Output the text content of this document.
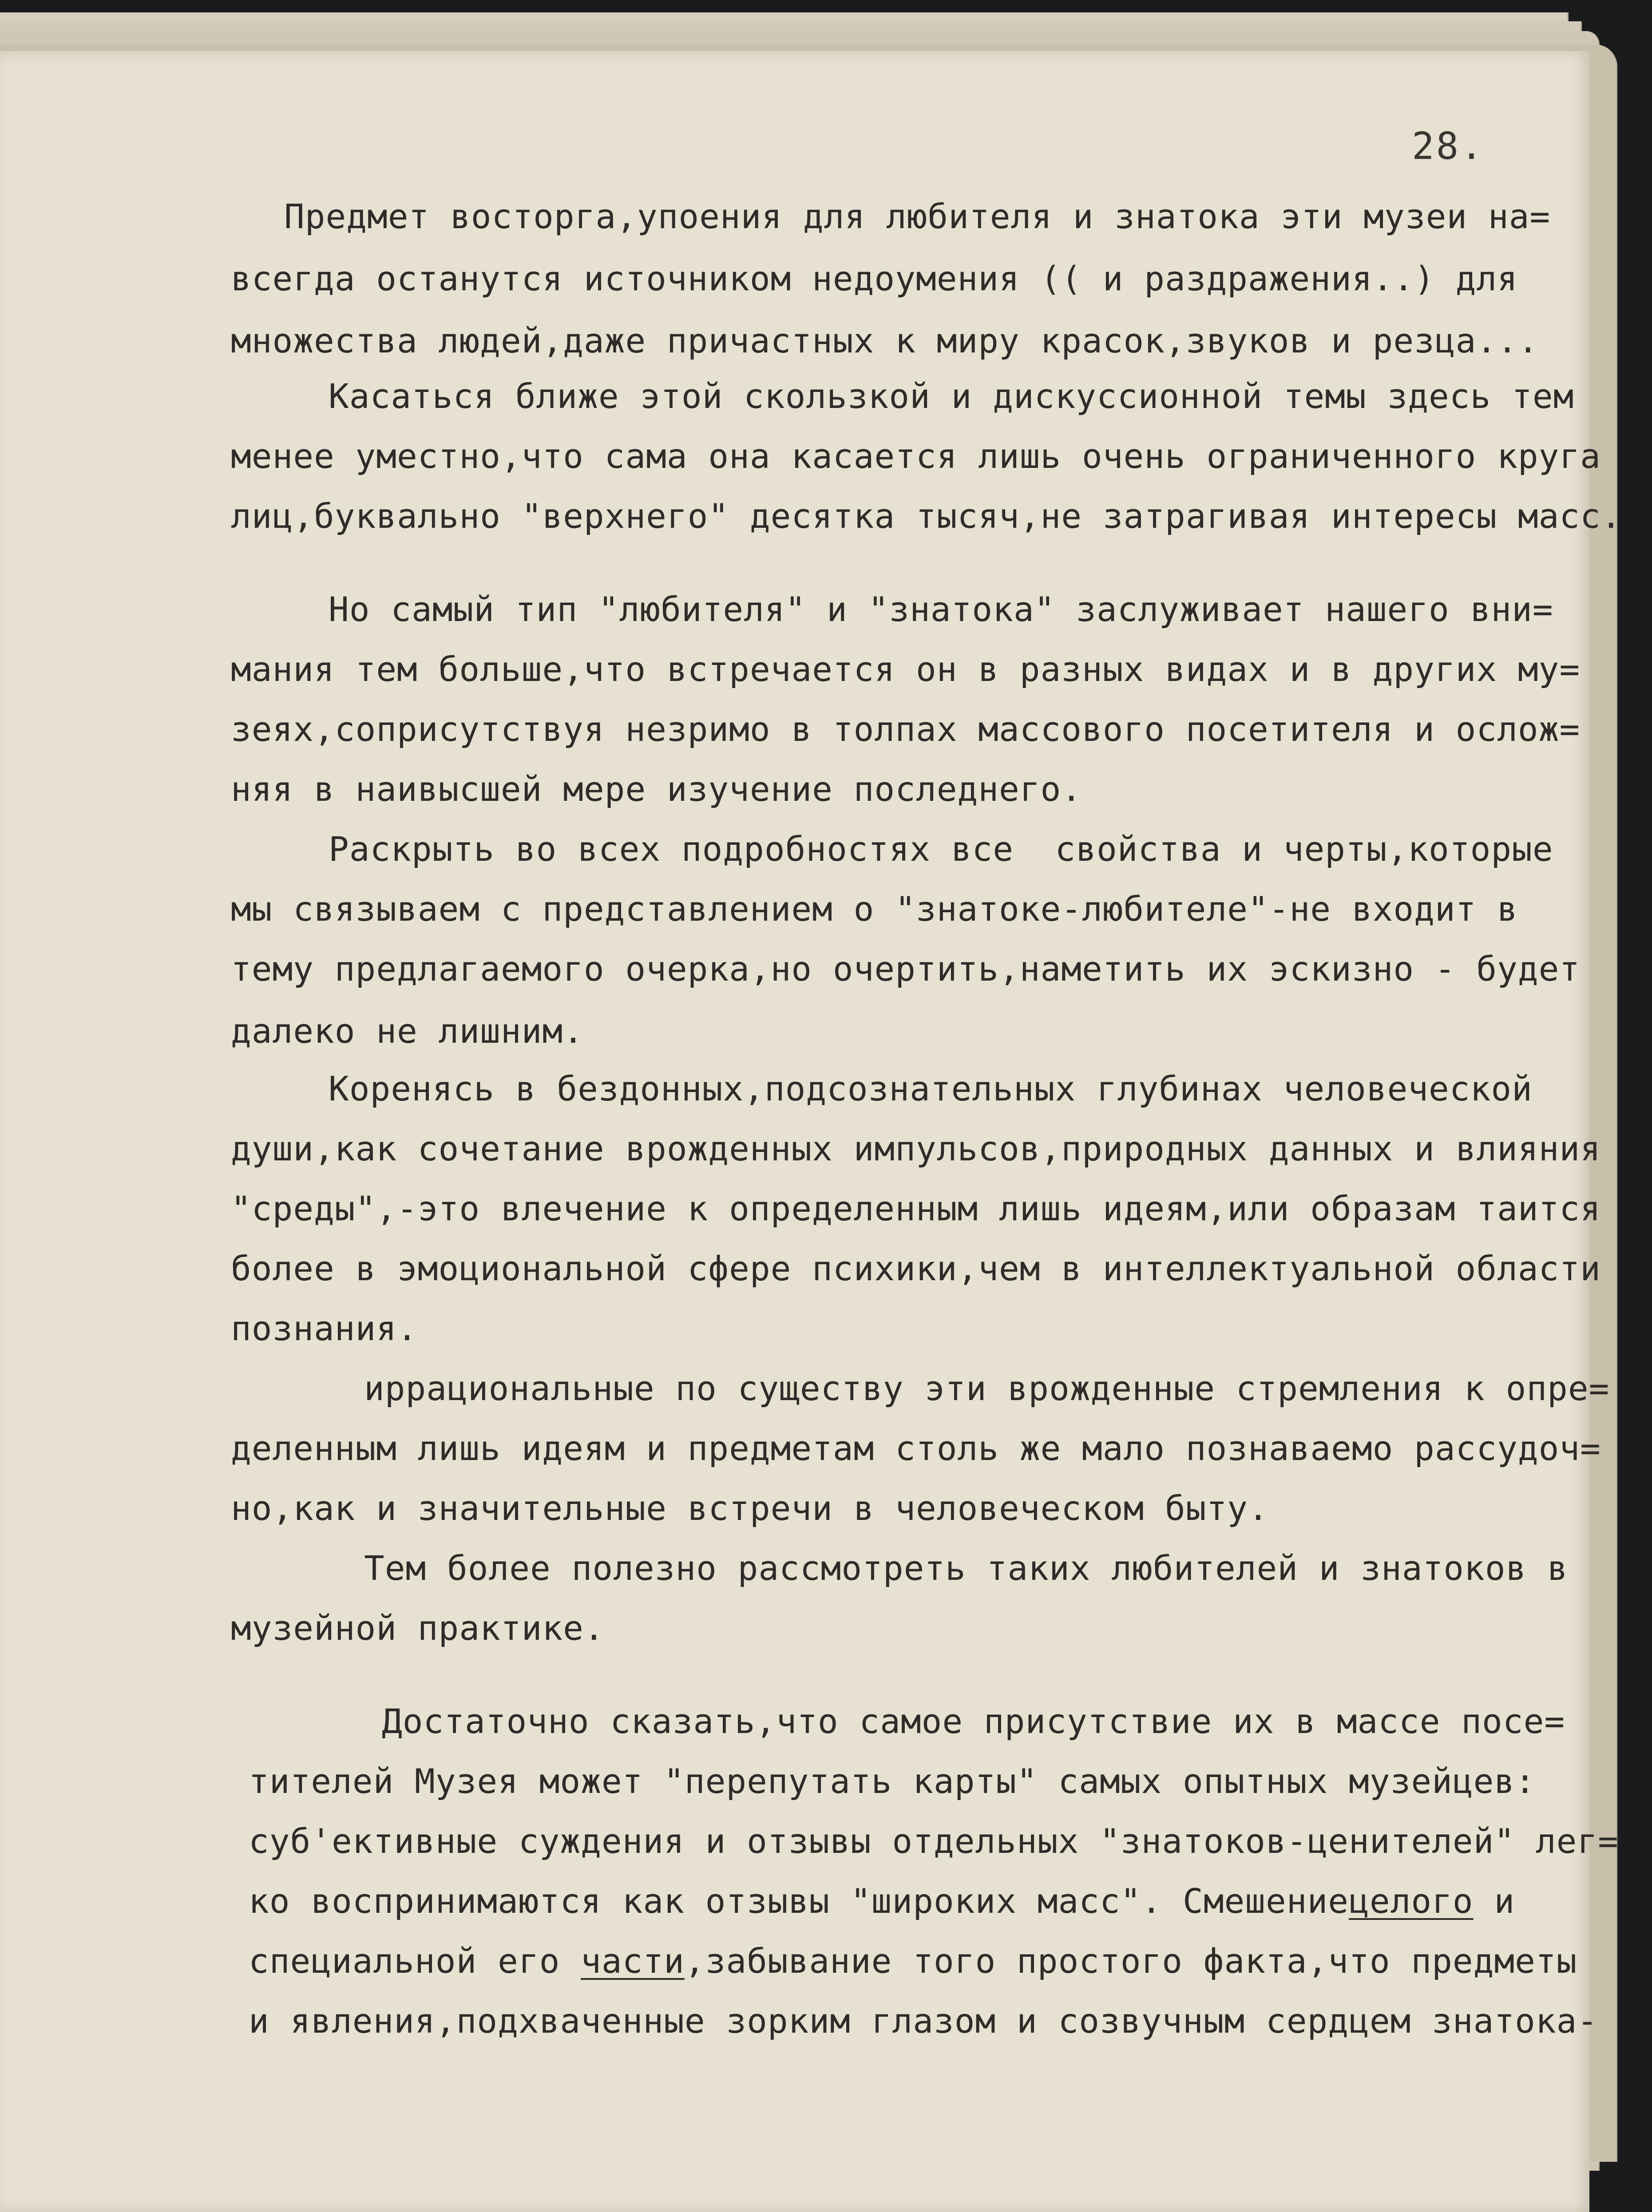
28.
Предмет восторга,упоения для любителя и знатока эти музеи на=
всегда останутся источником недоумения (( и раздражения..) для
множества людей,даже причастных к миру красок,звуков и резца...
Касаться ближе этой скользкой и дискуссионной темы здесь тем
менее уместно,что сама она касается лишь очень ограниченного круга
лиц,буквально "верхнего" десятка тысяч,не затрагивая интересы масс.
Но самый тип "любителя" и "знатока" заслуживает нашего вни=
мания тем больше,что встречается он в разных видах и в других му=
зеях,соприсутствуя незримо в толпах массового посетителя и ослож=
няя в наивысшей мере изучение последнего.
Раскрыть во всех подробностях все  свойства и черты,которые
мы связываем с представлением о "знатоке-любителе"-не входит в
тему предлагаемого очерка,но очертить,наметить их эскизно - будет
далеко не лишним.
Коренясь в бездонных,подсознательных глубинах человеческой
души,как сочетание врожденных импульсов,природных данных и влияния
"среды",-это влечение к определенным лишь идеям,или образам таится
более в эмоциональной сфере психики,чем в интеллектуальной области
познания.
иррациональные по существу эти врожденные стремления к опре=
деленным лишь идеям и предметам столь же мало познаваемо рассудоч=
но,как и значительные встречи в человеческом быту.
Тем более полезно рассмотреть таких любителей и знатоков в
музейной практике.
Достаточно сказать,что самое присутствие их в массе посе=
тителей Музея может "перепутать карты" самых опытных музейцев:
суб'ективные суждения и отзывы отдельных "знатоков-ценителей" лег=
ко воспринимаются как отзывы "широких масс". Смешениецелого и
специальной его части,забывание того простого факта,что предметы
и явления,подхваченные зорким глазом и созвучным сердцем знатока-
